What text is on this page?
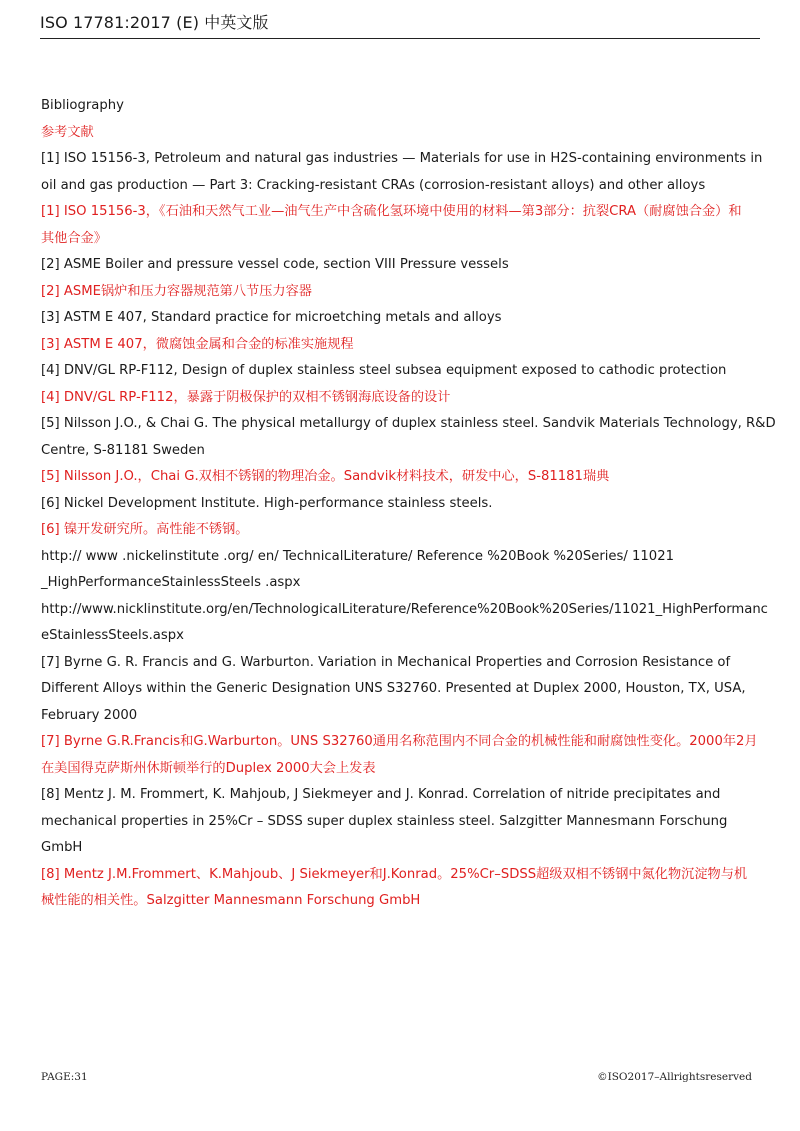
ISO 17781:2017 (E) 中英文版
Bibliography
参考文献
[1] ISO 15156-3, Petroleum and natural gas industries — Materials for use in H2S-containing environments in
oil and gas production — Part 3: Cracking-resistant CRAs (corrosion-resistant alloys) and other alloys
[1] ISO 15156-3，《石油和天然气工业—油气生产中含硫化氢环境中使用的材料—第3部分：抗裂CRA（耐腐蚀合金）和
其他合金》
[2] ASME Boiler and pressure vessel code, section VIII Pressure vessels
[2] ASME锅炉和压力容器规范第八节压力容器
[3] ASTM E 407, Standard practice for microetching metals and alloys
[3] ASTM E 407，微腐蚀金属和合金的标准实施规程
[4] DNV/GL RP-F112, Design of duplex stainless steel subsea equipment exposed to cathodic protection
[4] DNV/GL RP-F112，暴露于阴极保护的双相不锈钢海底设备的设计
[5] Nilsson J.O., & Chai G. The physical metallurgy of duplex stainless steel. Sandvik Materials Technology, R&D
Centre, S-81181 Sweden
[5] Nilsson J.O.，Chai G.双相不锈钢的物理冶金。Sandvik材料技术，研发中心，S-81181瑞典
[6] Nickel Development Institute. High-performance stainless steels.
[6] 镍开发研究所。高性能不锈钢。
http:// www .nickelinstitute .org/ en/ TechnicalLiterature/ Reference %20Book %20Series/ 11021
_HighPerformanceStainlessSteels .aspx
http://www.nicklinstitute.org/en/TechnologicalLiterature/Reference%20Book%20Series/11021_HighPerformanc
eStainlessSteels.aspx
[7] Byrne G. R. Francis and G. Warburton. Variation in Mechanical Properties and Corrosion Resistance of
Different Alloys within the Generic Designation UNS S32760. Presented at Duplex 2000, Houston, TX, USA,
February 2000
[7] Byrne G.R.Francis和G.Warburton。UNS S32760通用名称范围内不同合金的机械性能和耐腐蚀性变化。2000年2月
在美国得克萨斯州休斯顿举行的Duplex 2000大会上发表
[8] Mentz J. M. Frommert, K. Mahjoub, J Siekmeyer and J. Konrad. Correlation of nitride precipitates and
mechanical properties in 25%Cr – SDSS super duplex stainless steel. Salzgitter Mannesmann Forschung
GmbH
[8] Mentz J.M.Frommert、K.Mahjoub、J Siekmeyer和J.Konrad。25%Cr–SDSS超级双相不锈钢中氮化物沉淀物与机
械性能的相关性。Salzgitter Mannesmann Forschung GmbH
PAGE:31	©ISO2017–Allrightsreserved
